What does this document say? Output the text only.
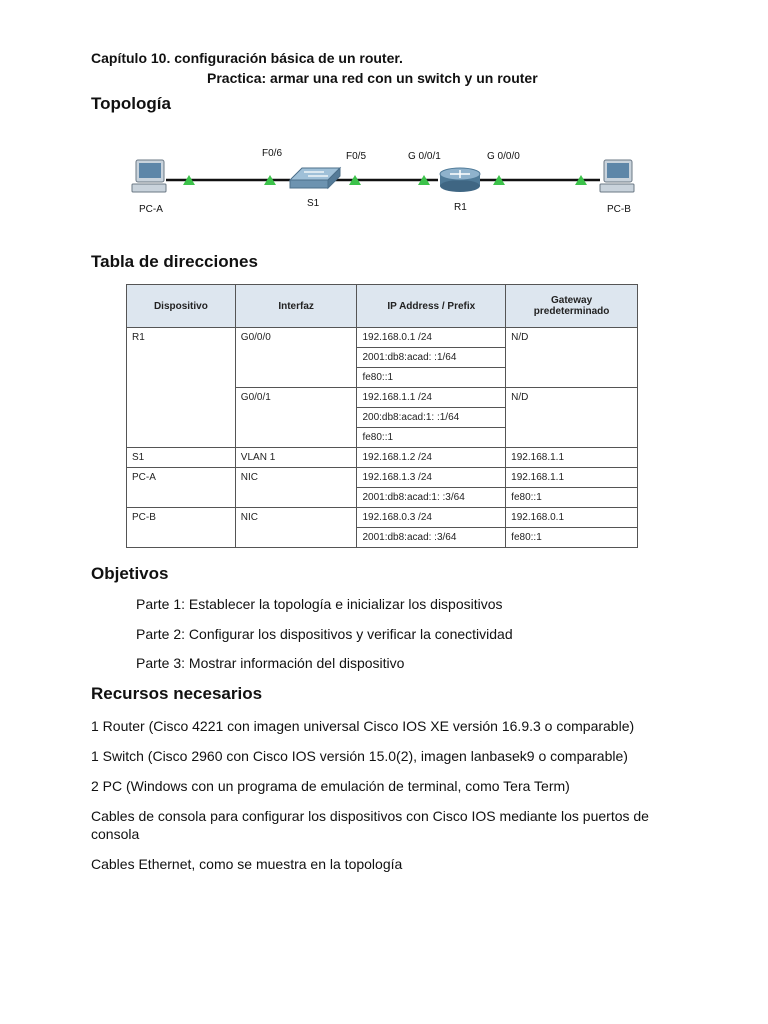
Capítulo 10. configuración básica de un router.
Practica: armar una red con un switch y un router
Topología
PC-A
S1	R1	PC-B
F0/6	F0/5	G 0/0/1	G 0/0/0
Tabla de direcciones
Dispositivo	Interfaz	IP Address / Prefix	Gateway predeterminado
R1	G0/0/0	192.168.0.1 /24	N/D
		2001:db8:acad: :1/64	
		fe80::1	
	G0/0/1	192.168.1.1 /24	N/D
		200:db8:acad:1: :1/64	
		fe80::1	
S1	VLAN 1	192.168.1.2 /24	192.168.1.1
PC-A	NIC	192.168.1.3 /24	192.168.1.1
		2001:db8:acad:1: :3/64	fe80::1
PC-B	NIC	192.168.0.3 /24	192.168.0.1
		2001:db8:acad: :3/64	fe80::1
Objetivos
Parte 1: Establecer la topología e inicializar los dispositivos
Parte 2: Configurar los dispositivos y verificar la conectividad
Parte 3: Mostrar información del dispositivo
Recursos necesarios
1 Router (Cisco 4221 con imagen universal Cisco IOS XE versión 16.9.3 o comparable)
1 Switch (Cisco 2960 con Cisco IOS versión 15.0(2), imagen lanbasek9 o comparable)
2 PC (Windows con un programa de emulación de terminal, como Tera Term)
Cables de consola para configurar los dispositivos con Cisco IOS mediante los puertos de consola
Cables Ethernet, como se muestra en la topología
